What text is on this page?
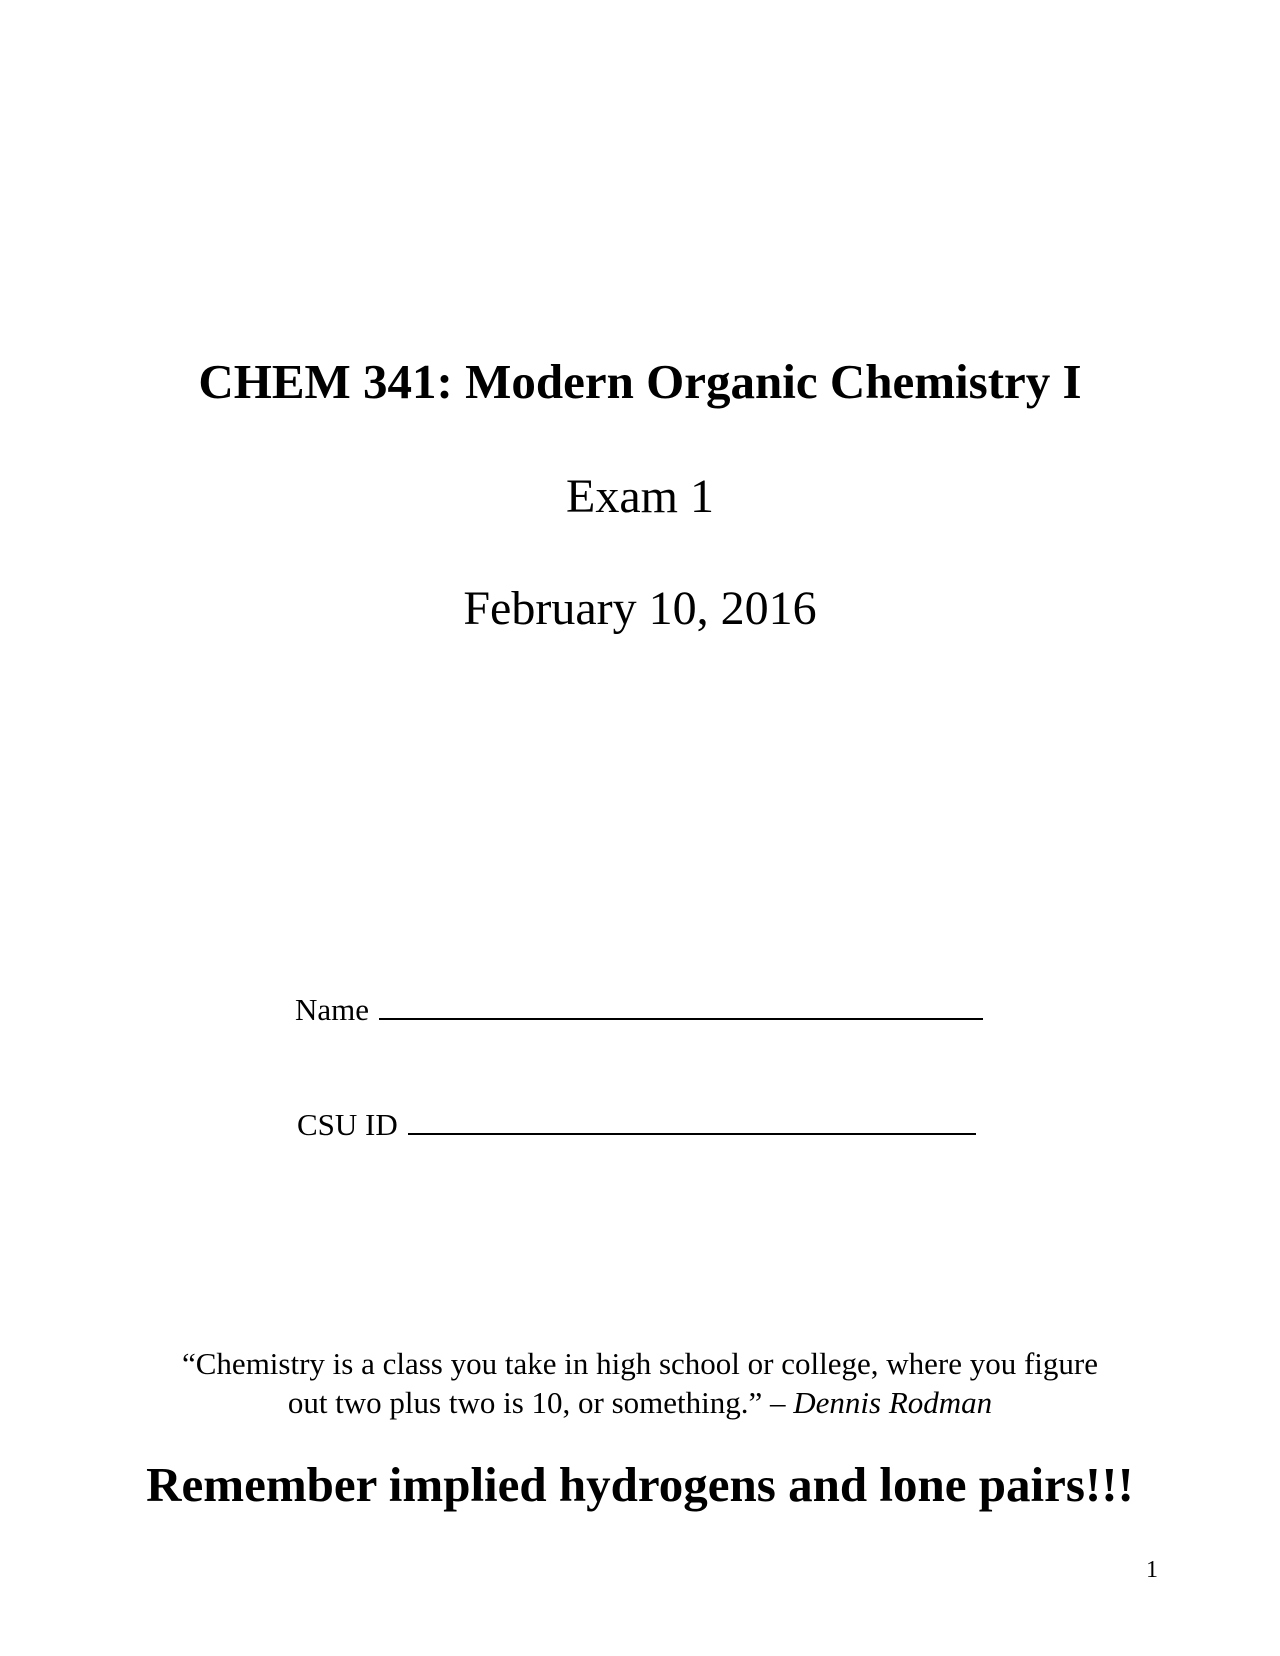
CHEM 341: Modern Organic Chemistry I
Exam 1
February 10, 2016
Name
CSU ID
“Chemistry is a class you take in high school or college, where you figure
out two plus two is 10, or something.” – Dennis Rodman
Remember implied hydrogens and lone pairs!!!
1
